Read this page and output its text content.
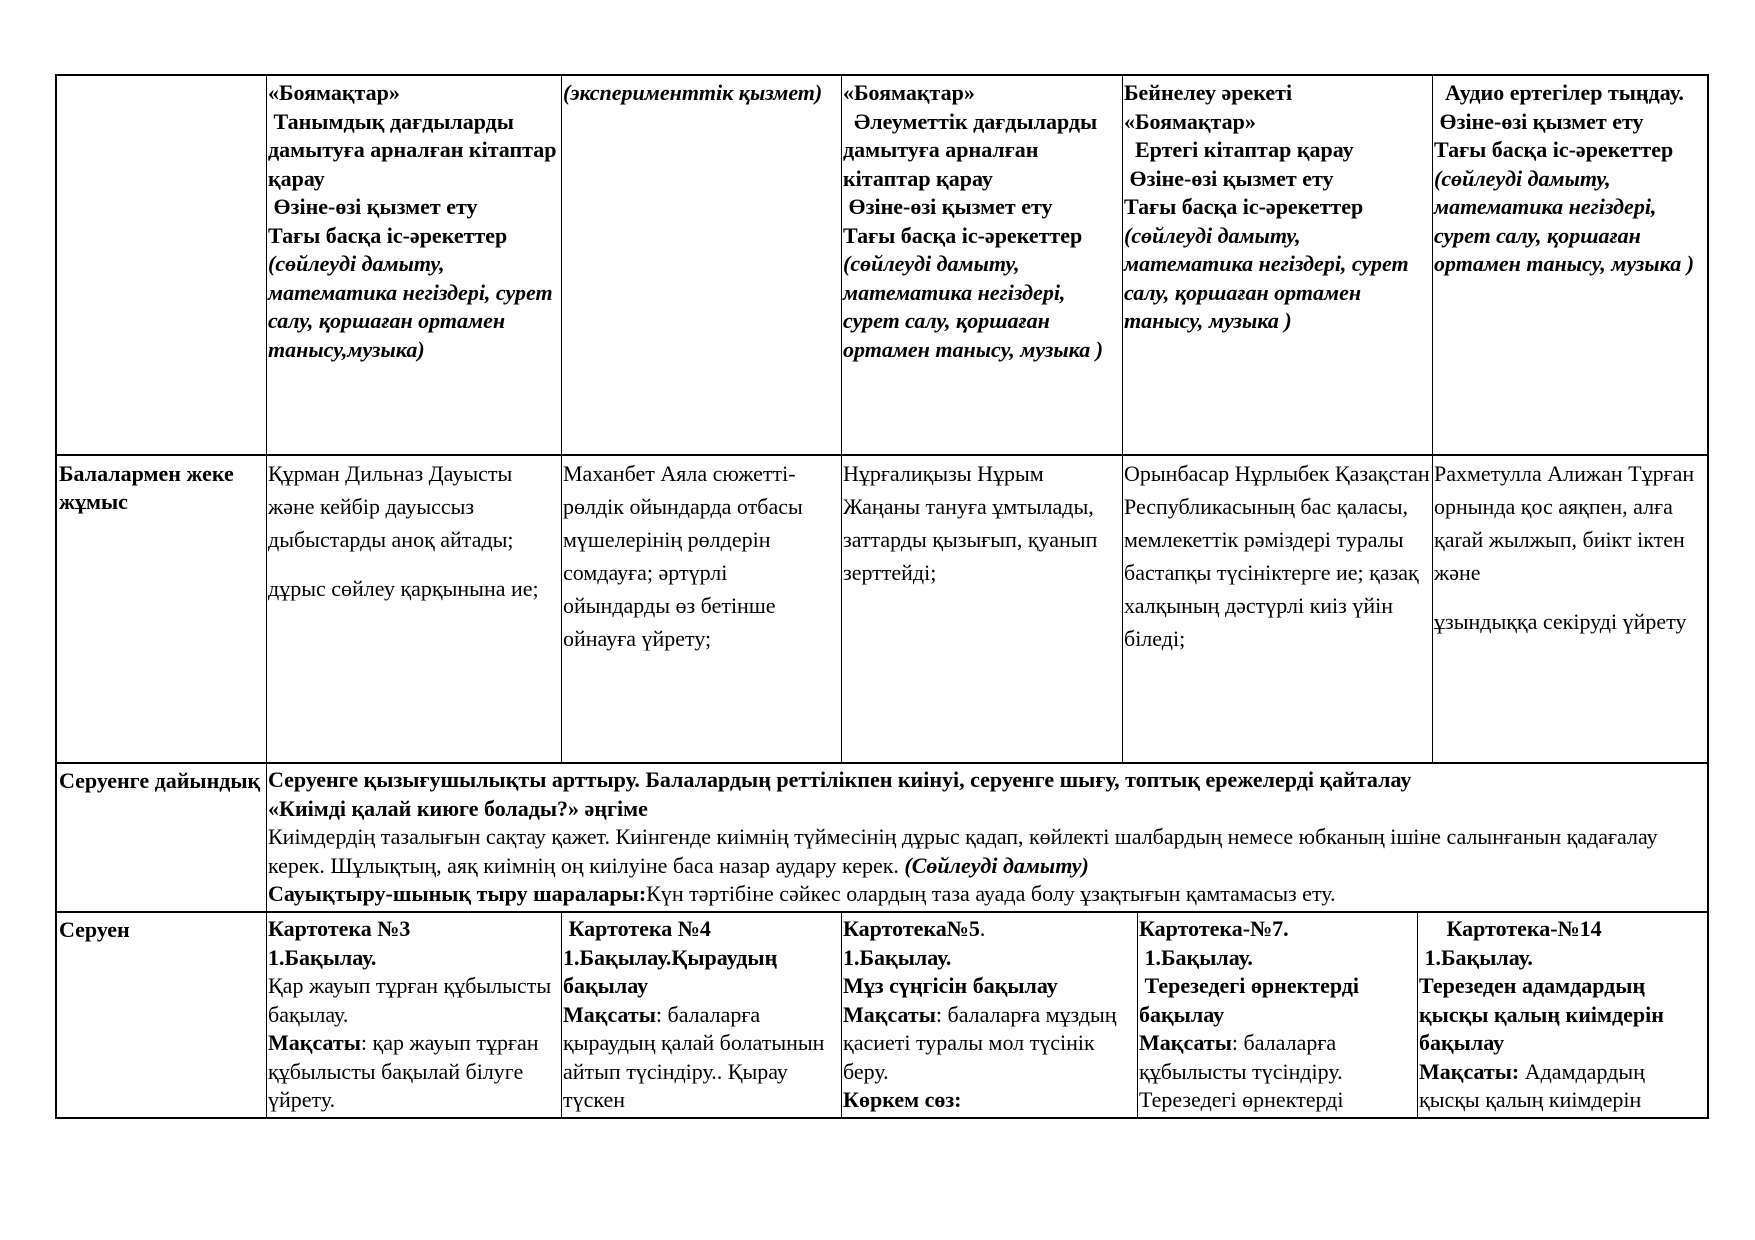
«Боямақтар»

Танымдық дағдыларды дамытуға арналған кітаптар қарау

Өзіне-өзі қызмет ету

Тағы басқа іс-әрекеттер

(сөйлеуді дамыту, математика негіздері, сурет салу, қоршаған ортамен танысу,музыка)

(эксперименттік қызмет) «Боямақтар»

Әлеуметтік дағдыларды дамытуға арналған кітаптар қарау

Өзіне-өзі қызмет ету

Тағы басқа іс-әрекеттер

(сөйлеуді дамыту, математика негіздері, сурет салу, қоршаған ортамен танысу, музыка )

Бейнелеу әрекеті

«Боямақтар»

Ертегі кітаптар қарау

Өзіне-өзі қызмет ету

Тағы басқа іс-әрекеттер

(сөйлеуді дамыту, математика негіздері, сурет салу, қоршаған ортамен танысу, музыка )

Аудио ертегілер тыңдау.

Өзіне-өзі қызмет ету

Тағы басқа іс-әрекеттер

(сөйлеуді дамыту, математика негіздері, сурет салу, қоршаған ортамен танысу, музыка )

Балалармен жеке жұмыс

Құрман Дильназ Дауысты және кейбір дауыссыз дыбыстарды аноқ айтады;

дұрыс сөйлеу қарқынына ие;

Маханбет Аяла сюжетті-рөлдік ойындарда отбасы мүшелерінің рөлдерін сомдауға; әртүрлі ойындарды өз бетінше ойнауға үйрету;

Нұрғалиқызы Нұрым Жаңаны тануға ұмтылады, заттарды қызығып, қуанып зерттейді;

Орынбасар Нұрлыбек Қазақстан Республикасының бас қаласы, мемлекеттік рәміздері туралы бастапқы түсініктерге ие; қазақ халқының дәстүрлі киіз үйін біледі;

Рахметулла Алижан Тұрған орнында қос аяқпен, алға қarай жылжып, биікт іктен және

ұзындыққа секіруді үйрету

Серуенге дайындық Серуенге қызығушылықты арттыру. Балалардың реттілікпен киінуі, серуенге шығу, топтық ережелерді қайталау

«Киімді қалай киюге болады?» әңгіме

Киімдердің тазалығын сақтау қажет. Киінгенде киімнің түймесінің дұрыс қадап, көйлекті шалбардың немесе юбканың ішіне салынғанын қадағалау керек. Шұлықтың, аяқ киімнің оң киілуіне баса назар аудару керек. (Сөйлеуді дамыту)

Сауықтыру-шынық тыру шаралары:Күн тәртібіне сәйкес олардың таза ауада болу ұзақтығын қамтамасыз ету.

Серуен	Картотека №3

1.Бақылау.

Қар жауып тұрған құбылысты бақылау.

Мақсаты: қар жауып тұрған құбылысты бақылай білуге үйрету.

Картотека №4

1.Бақылау.Қыраудың бақылау

Мақсаты: балаларға қыраудың қалай болатынын айтып түсіндіру.. Қырау түскен

Картотека№5.

1.Бақылау.

Мұз сүңгісін бақылау

Мақсаты: балаларға мұздың қасиеті туралы мол түсінік беру.

Көркем сөз:

Картотека-№7.

1.Бақылау.

Терезедегі өрнектерді бақылау

Мақсаты: балаларға құбылысты түсіндіру. Терезедегі өрнектерді

Картотека-№14

1.Бақылау.

Терезеден адамдардың қысқы қалың киімдерін бақылау

Мақсаты: Адамдардың қысқы қалың киімдерін
